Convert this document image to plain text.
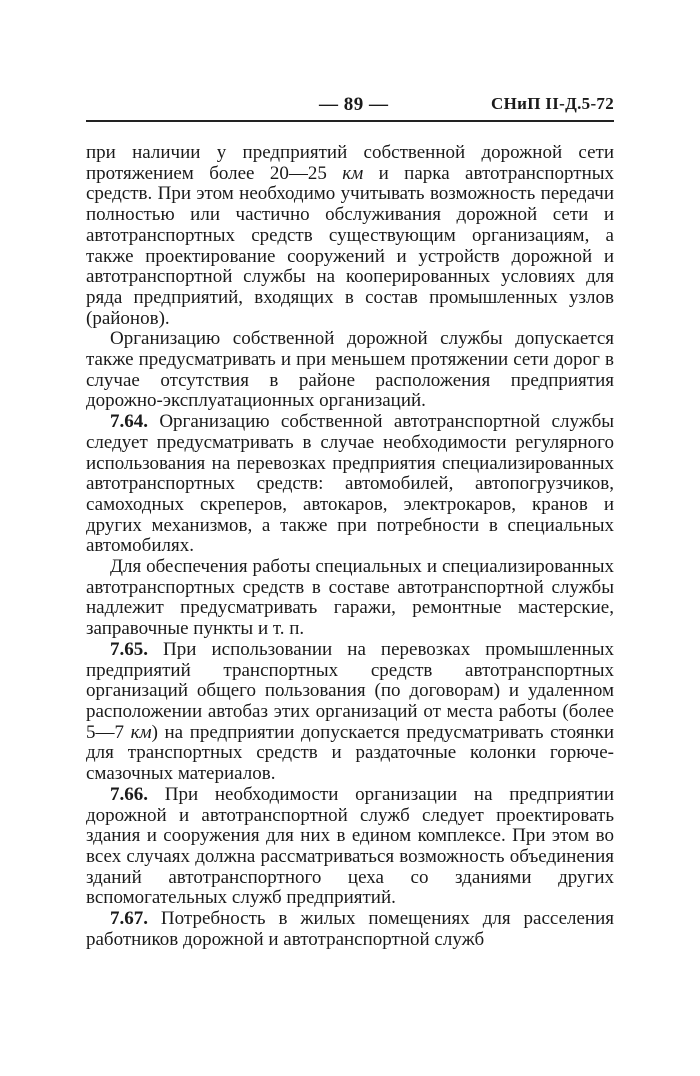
— 89 —	СНиП II-Д.5-72

при наличии у предприятий собственной дорожной сети протяжением более 20—25 км и парка автотранспортных средств. При этом необходимо учитывать возможность передачи полностью или частично обслуживания дорожной сети и автотранспортных средств существующим организациям, а также проектирование сооружений и устройств дорожной и автотранспортной службы на кооперированных условиях для ряда предприятий, входящих в состав промышленных узлов (районов).

Организацию собственной дорожной службы допускается также предусматривать и при меньшем протяжении сети дорог в случае отсутствия в районе расположения предприятия дорожно-эксплуатационных организаций.

7.64. Организацию собственной автотранспортной службы следует предусматривать в случае необходимости регулярного использования на перевозках предприятия специализированных автотранспортных средств: автомобилей, автопогрузчиков, самоходных скреперов, автокаров, электрокаров, кранов и других механизмов, а также при потребности в специальных автомобилях.

Для обеспечения работы специальных и специализированных автотранспортных средств в составе автотранспортной службы надлежит предусматривать гаражи, ремонтные мастерские, заправочные пункты и т. п.

7.65. При использовании на перевозках промышленных предприятий транспортных средств автотранспортных организаций общего пользования (по договорам) и удаленном расположении автобаз этих организаций от места работы (более 5—7 км) на предприятии допускается предусматривать стоянки для транспортных средств и раздаточные колонки горюче-смазочных материалов.

7.66. При необходимости организации на предприятии дорожной и автотранспортной служб следует проектировать здания и сооружения для них в едином комплексе. При этом во всех случаях должна рассматриваться возможность объединения зданий автотранспортного цеха со зданиями других вспомогательных служб предприятий.

7.67. Потребность в жилых помещениях для расселения работников дорожной и автотранспортной служб
